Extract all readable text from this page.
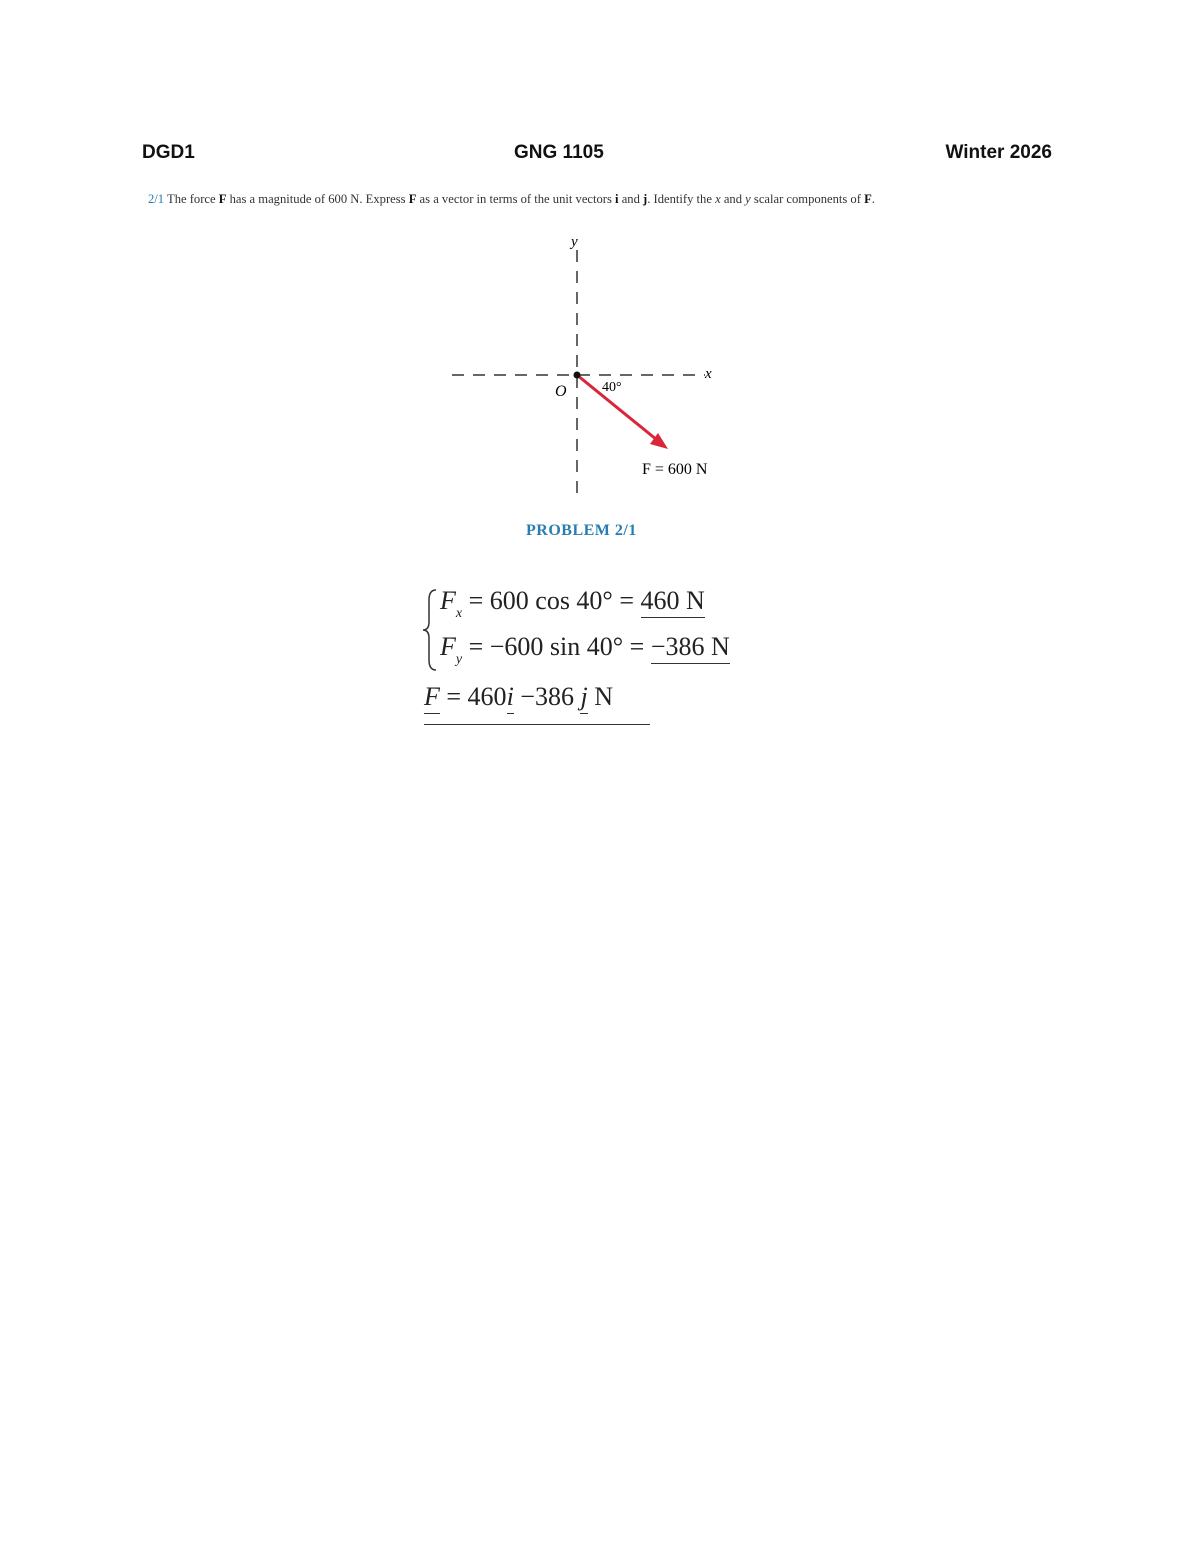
DGD1	GNG 1105	Winter 2026
2/1 The force F has a magnitude of 600 N. Express F as a vector in terms of the unit vectors i and j. Identify the x and y scalar components of F.
y
x
O	40°
F = 600 N
PROBLEM 2/1
$F_x = 600$ cos 40° = 460 N
$F_y = -600$ sin 40° = −386 N
F = 460i −386 j N
